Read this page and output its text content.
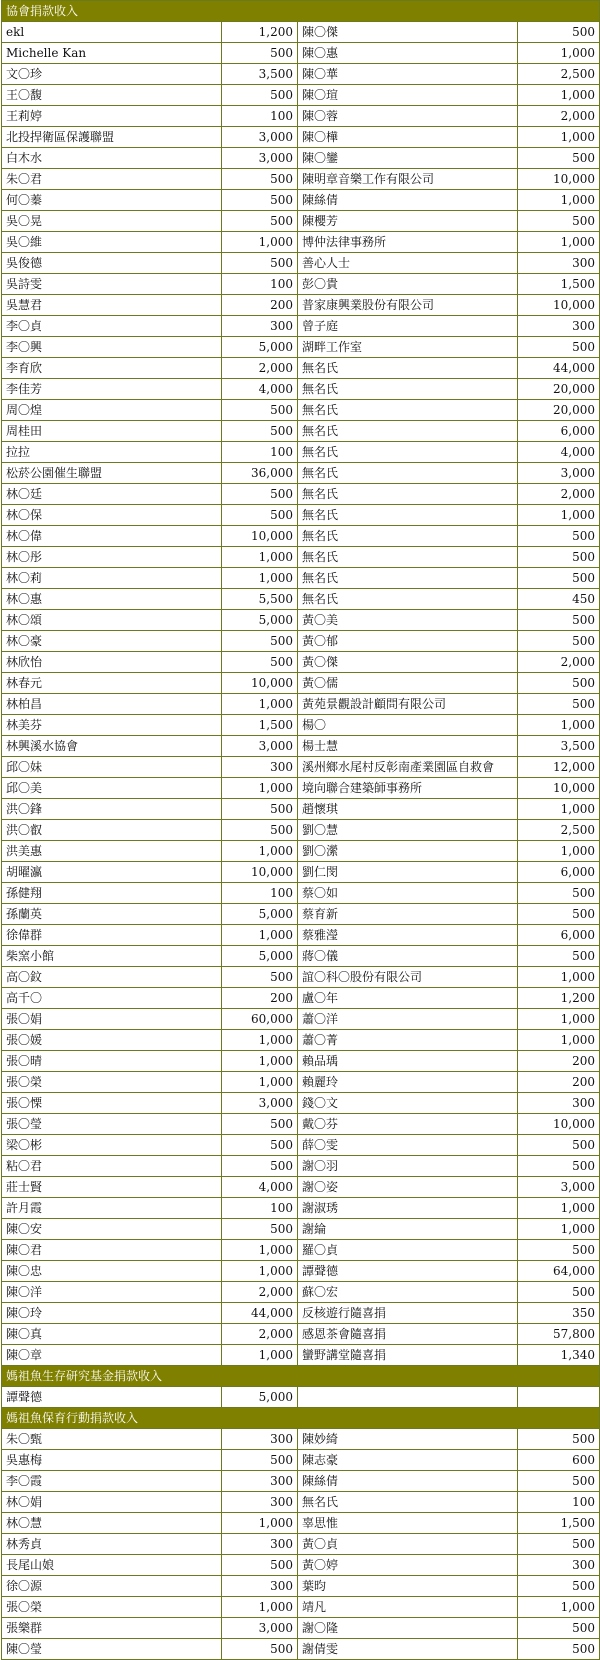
協會捐款收入			
ekl	1,200	陳〇傑	500
Michelle Kan	500	陳〇惠	1,000
文〇珍	3,500	陳〇華	2,500
王〇馥	500	陳〇瑄	1,000
王莉婷	100	陳〇蓉	2,000
北投捍衛區保護聯盟	3,000	陳〇樺	1,000
白木水	3,000	陳〇鑾	500
朱〇君	500	陳明章音樂工作有限公司	10,000
何〇蓁	500	陳絲倩	1,000
吳〇晃	500	陳櫻芳	500
吳〇維	1,000	博仲法律事務所	1,000
吳俊德	500	善心人士	300
吳詩雯	100	彭〇貴	1,500
吳慧君	200	普家康興業股份有限公司	10,000
李〇貞	300	曾子庭	300
李〇興	5,000	湖畔工作室	500
李育欣	2,000	無名氏	44,000
李佳芳	4,000	無名氏	20,000
周〇煌	500	無名氏	20,000
周桂田	500	無名氏	6,000
拉拉	100	無名氏	4,000
松菸公園催生聯盟	36,000	無名氏	3,000
林〇廷	500	無名氏	2,000
林〇保	500	無名氏	1,000
林〇偉	10,000	無名氏	500
林〇彤	1,000	無名氏	500
林〇莉	1,000	無名氏	500
林〇惠	5,500	無名氏	450
林〇頌	5,000	黃〇美	500
林〇豪	500	黃〇郁	500
林欣怡	500	黃〇傑	2,000
林春元	10,000	黃〇儒	500
林柏昌	1,000	黃苑景觀設計顧問有限公司	500
林美芬	1,500	楊〇	1,000
林興溪水協會	3,000	楊士慧	3,500
邱〇妹	300	溪州鄉水尾村反彰南產業園區自救會	12,000
邱〇美	1,000	境向聯合建築師事務所	10,000
洪〇鋒	500	趙懷琪	1,000
洪〇叡	500	劉〇慧	2,500
洪美惠	1,000	劉〇瀠	1,000
胡曜瀛	10,000	劉仁閔	6,000
孫健翔	100	蔡〇如	500
孫蘭英	5,000	蔡育新	500
徐偉群	1,000	蔡雅瀅	6,000
柴窯小館	5,000	蔣〇儀	500
高〇鈫	500	誼〇科〇股份有限公司	1,000
高千〇	200	盧〇年	1,200
張〇娟	60,000	蕭〇洋	1,000
張〇媛	1,000	蕭〇菁	1,000
張〇晴	1,000	賴品瑀	200
張〇榮	1,000	賴麗玲	200
張〇慄	3,000	錢〇文	300
張〇瑩	500	戴〇芬	10,000
梁〇彬	500	薛〇雯	500
粘〇君	500	謝〇羽	500
莊士賢	4,000	謝〇姿	3,000
許月霞	100	謝淑琇	1,000
陳〇安	500	謝綸	1,000
陳〇君	1,000	羅〇貞	500
陳〇忠	1,000	譚聲德	64,000
陳〇洋	2,000	蘇〇宏	500
陳〇玲	44,000	反核遊行隨喜捐	350
陳〇真	2,000	感恩茶會隨喜捐	57,800
陳〇章	1,000	蠻野講堂隨喜捐	1,340
媽祖魚生存研究基金捐款收入			
譚聲德	5,000		
媽祖魚保育行動捐款收入			
朱〇甄	300	陳妙綺	500
吳惠梅	500	陳志豪	600
李〇霞	300	陳絲倩	500
林〇娟	300	無名氏	100
林〇慧	1,000	辜思惟	1,500
林秀貞	300	黃〇貞	500
長尾山娘	500	黃〇婷	300
徐〇源	300	葉昀	500
張〇榮	1,000	靖凡	1,000
張樂群	3,000	謝〇隆	500
陳〇瑩	500	謝倩雯	500
